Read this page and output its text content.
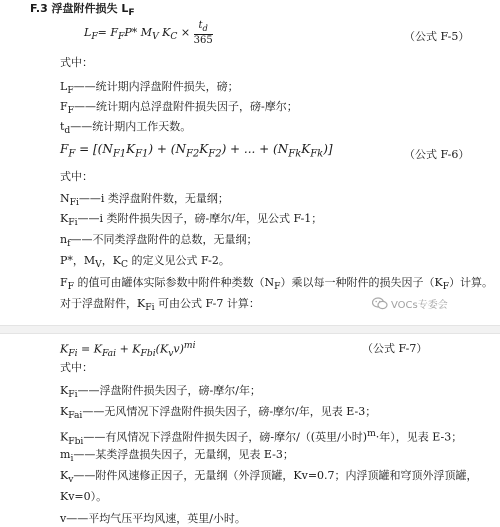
F.3 浮盘附件损失 $L_F$
$L_F= F_FP*$ $M_V$ $K_C \times \frac{t_d}{365}$	（公式 F-5）
式中：
$L_F——$统计期内浮盘附件损失，磅；
$F_F——$统计期内总浮盘附件损失因子，磅-摩尔；
$t_d——$统计期内工作天数。
$F_F = [(N_{F1}K_{F1}) + (N_{F2}K_{F2})$ + ... + $(N_{Fk}K_{Fk})$]	（公式 F-6）
式中：
$N_{Fi}——i$ 类浮盘附件数，无量纲；
$K_{Fi}——i$ 类附件损失因子，磅-摩尔/年，见公式 F-1；
$n_f——$不同类浮盘附件的总数，无量纲；
P*，$M_V$，$K_C$ 的定义见公式 F-2。
$F_F$ 的值可由罐体实际参数中附件种类数$(N_F)$乘以每一种附件的损失因子$(K_F)$计算。
对于浮盘附件，$K_{Fi}$ 可由公式 F-7 计算：	VOCs专委会
$K_{Fi} = K_{Fai} + K_{Fbi}(K_vv)^{mi}$	（公式 F-7）
式中：
$K_{Fi}——$浮盘附件损失因子，磅-摩尔/年；
$K_{Fai}——$无风情况下浮盘附件损失因子，磅-摩尔/年，见表 E-3；
$K_{Fbi}——$有风情况下浮盘附件损失因子，磅-摩尔/（(英里/小时)$^m$·年），见表 E-3；
$m_i——$某类浮盘损失因子，无量纲，见表 E-3；
$K_v——$附件风速修正因子，无量纲（外浮顶罐，Kv=0.7；内浮顶罐和穹顶外浮顶罐，
Kv=0）。
v——平均气压平均风速，英里/小时。
